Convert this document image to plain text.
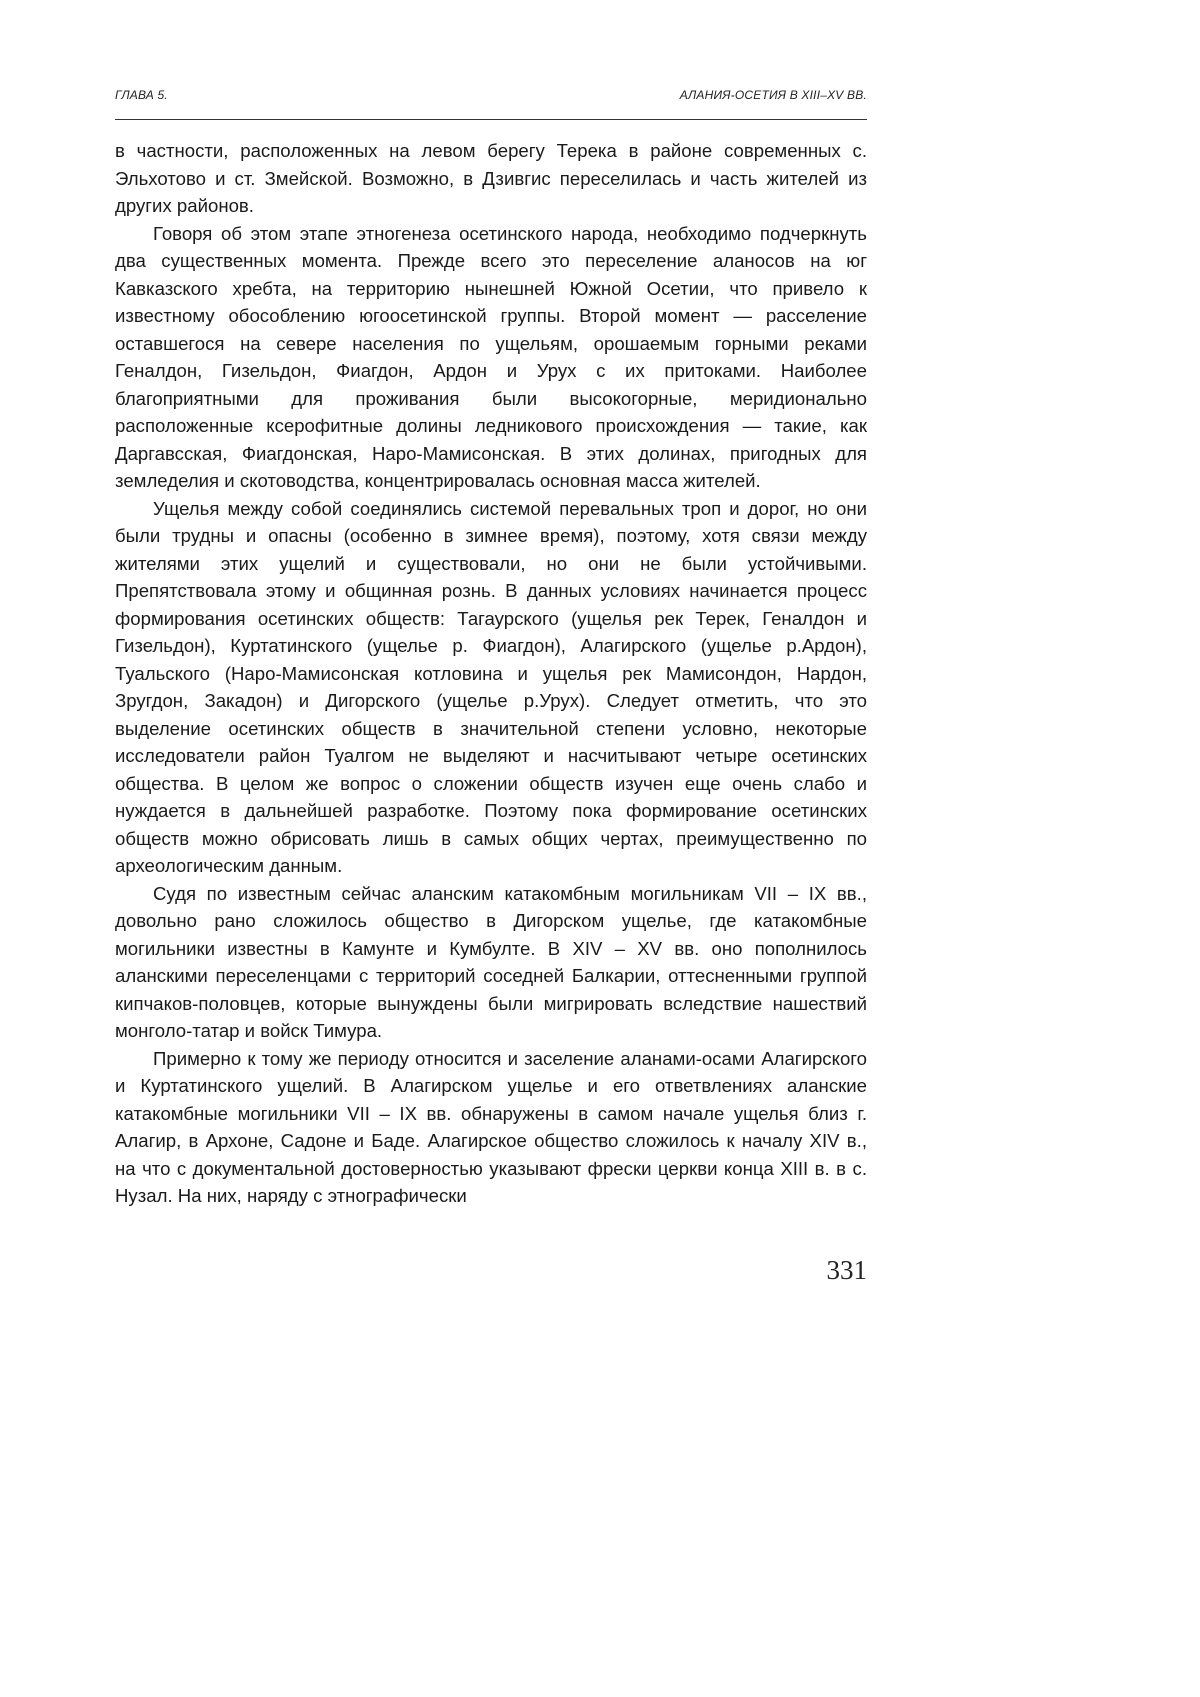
ГЛАВА 5.	АЛАНИЯ-ОСЕТИЯ В XIII–XV ВВ.

в частности, расположенных на левом берегу Терека в районе современных с. Эльхотово и ст. Змейской. Возможно, в Дзивгис переселилась и часть жителей из других районов.

Говоря об этом этапе этногенеза осетинского народа, необходимо подчеркнуть два существенных момента. Прежде всего это переселение аланосов на юг Кавказского хребта, на территорию нынешней Южной Осетии, что привело к известному обособлению югоосетинской группы. Второй момент — расселение оставшегося на севере населения по ущельям, орошаемым горными реками Геналдон, Гизельдон, Фиагдон, Ардон и Урух с их притоками. Наиболее благоприятными для проживания были высокогорные, меридионально расположенные ксерофитные долины ледникового происхождения — такие, как Даргавсская, Фиагдонская, Наро-Мамисонская. В этих долинах, пригодных для земледелия и скотоводства, концентрировалась основная масса жителей.

Ущелья между собой соединялись системой перевальных троп и дорог, но они были трудны и опасны (особенно в зимнее время), поэтому, хотя связи между жителями этих ущелий и существовали, но они не были устойчивыми. Препятствовала этому и общинная рознь. В данных условиях начинается процесс формирования осетинских обществ: Тагаурского (ущелья рек Терек, Геналдон и Гизельдон), Куртатинского (ущелье р. Фиагдон), Алагирского (ущелье р.Ардон), Туальского (Наро-Мамисонская котловина и ущелья рек Мамисондон, Нардон, Зругдон, Закадон) и Дигорского (ущелье р.Урух). Следует отметить, что это выделение осетинских обществ в значительной степени условно, некоторые исследователи район Туалгом не выделяют и насчитывают четыре осетинских общества. В целом же вопрос о сложении обществ изучен еще очень слабо и нуждается в дальнейшей разработке. Поэтому пока формирование осетинских обществ можно обрисовать лишь в самых общих чертах, преимущественно по археологическим данным.

Судя по известным сейчас аланским катакомбным могильникам VII – IX вв., довольно рано сложилось общество в Дигорском ущелье, где катакомбные могильники известны в Камунте и Кумбулте. В XIV – XV вв. оно пополнилось аланскими переселенцами с территорий соседней Балкарии, оттесненными группой кипчаков-половцев, которые вынуждены были мигрировать вследствие нашествий монголо-татар и войск Тимура.

Примерно к тому же периоду относится и заселение аланами-осами Алагирского и Куртатинского ущелий. В Алагирском ущелье и его ответвлениях аланские катакомбные могильники VII – IX вв. обнаружены в самом начале ущелья близ г. Алагир, в Архоне, Садоне и Баде. Алагирское общество сложилось к началу XIV в., на что с документальной достоверностью указывают фрески церкви конца XIII в. в с. Нузал. На них, наряду с этнографически

331
